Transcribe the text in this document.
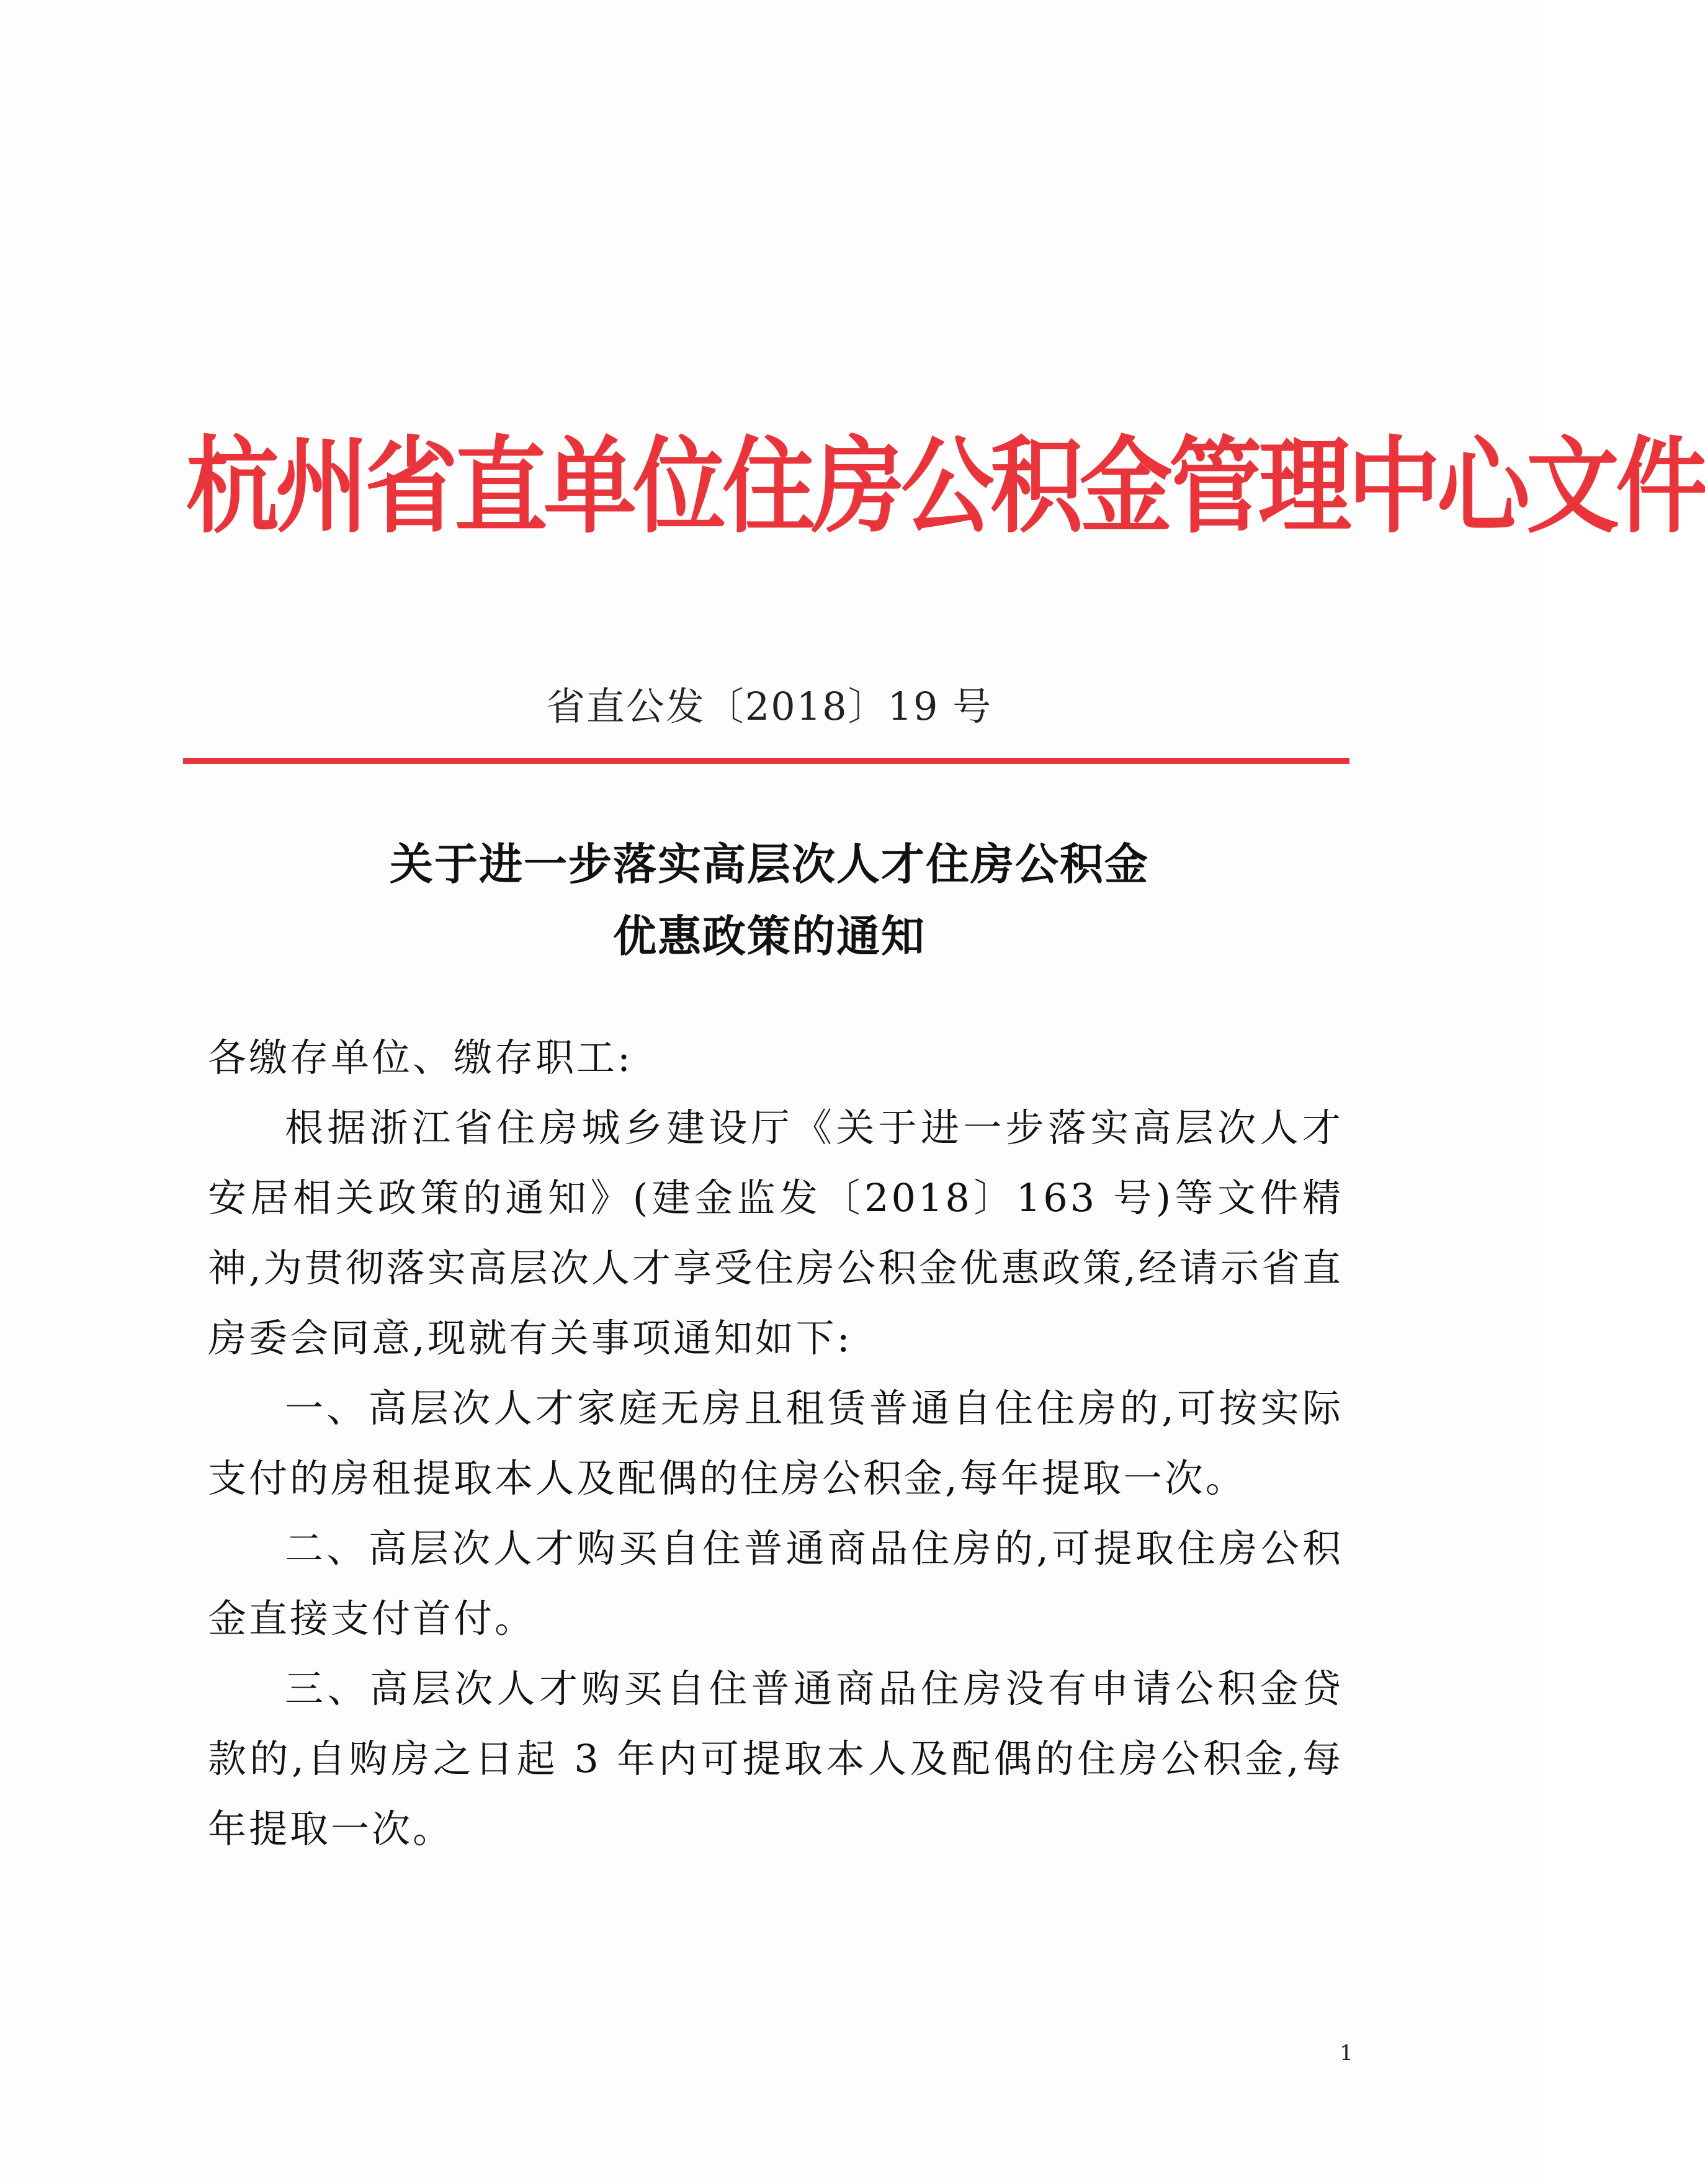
杭州省直单位住房公积金管理中心文件
省直公发〔2018〕19 号
关于进一步落实高层次人才住房公积金
优惠政策的通知

各缴存单位、缴存职工:

根据浙江省住房城乡建设厅《关于进一步落实高层次人才安居相关政策的通知》(建金监发〔2018〕163 号)等文件精神,为贯彻落实高层次人才享受住房公积金优惠政策,经请示省直房委会同意,现就有关事项通知如下:

一、高层次人才家庭无房且租赁普通自住住房的,可按实际支付的房租提取本人及配偶的住房公积金,每年提取一次。

二、高层次人才购买自住普通商品住房的,可提取住房公积金直接支付首付。

三、高层次人才购买自住普通商品住房没有申请公积金贷款的,自购房之日起 3 年内可提取本人及配偶的住房公积金,每年提取一次。

1
